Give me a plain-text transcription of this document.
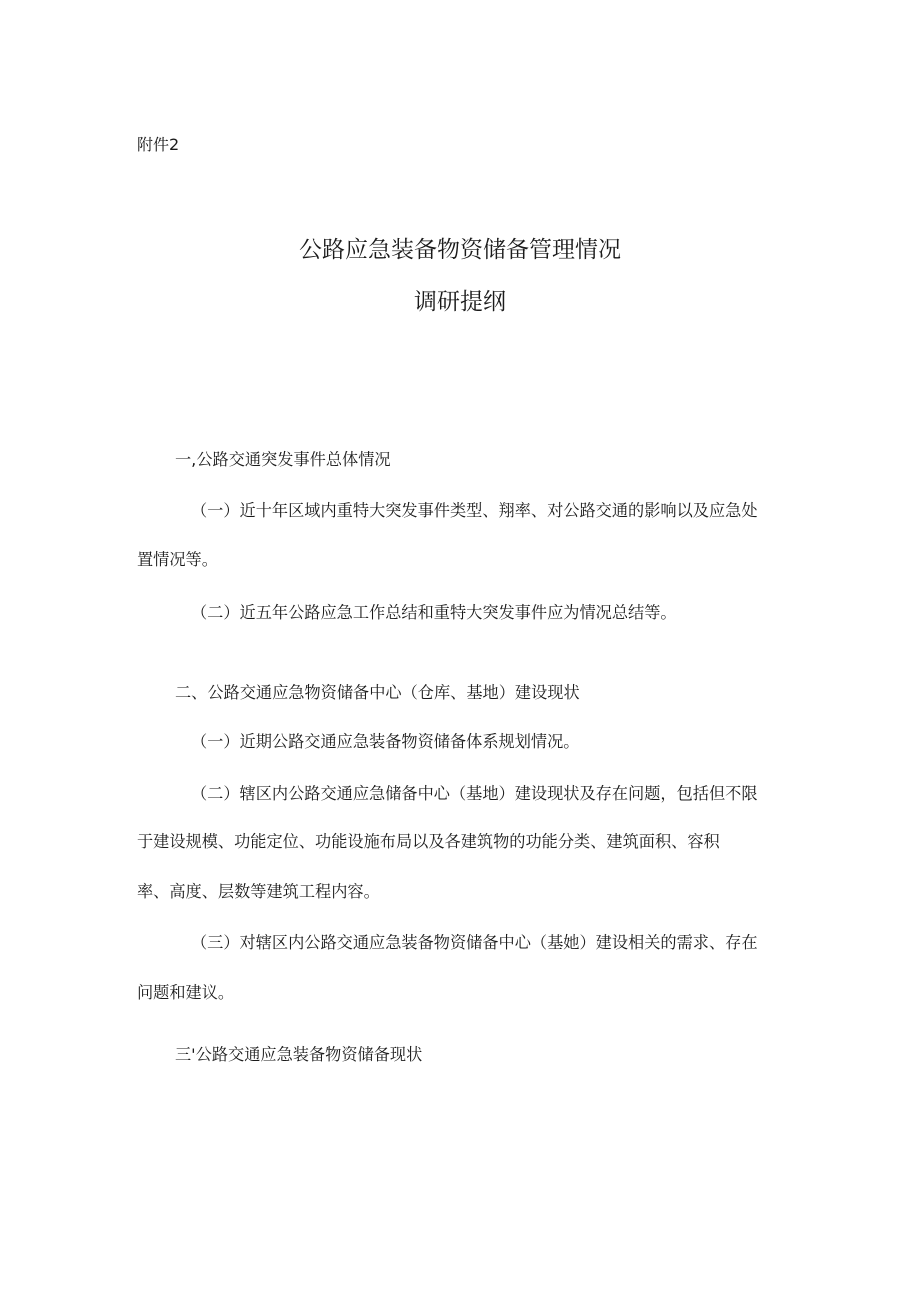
附件2

公路应急装备物资储备管理情况
调研提纲

一,公路交通突发事件总体情况

（一）近十年区域内重特大突发事件类型、翔率、对公路交通的影响以及应急处

置情况等。

（二）近五年公路应急工作总结和重特大突发事件应为情况总结等。

二、公路交通应急物资储备中心（仓库、基地）建设现状

（一）近期公路交通应急装备物资储备体系规划情况。

（二）辖区内公路交通应急储备中心（基地）建设现状及存在问题，包括但不限

于建设规模、功能定位、功能设施布局以及各建筑物的功能分类、建筑面积、容积

率、高度、层数等建筑工程内容。

（三）对辖区内公路交通应急装备物资储备中心（基她）建设相关的需求、存在

问题和建议。

三'公路交通应急装备物资储备现状
